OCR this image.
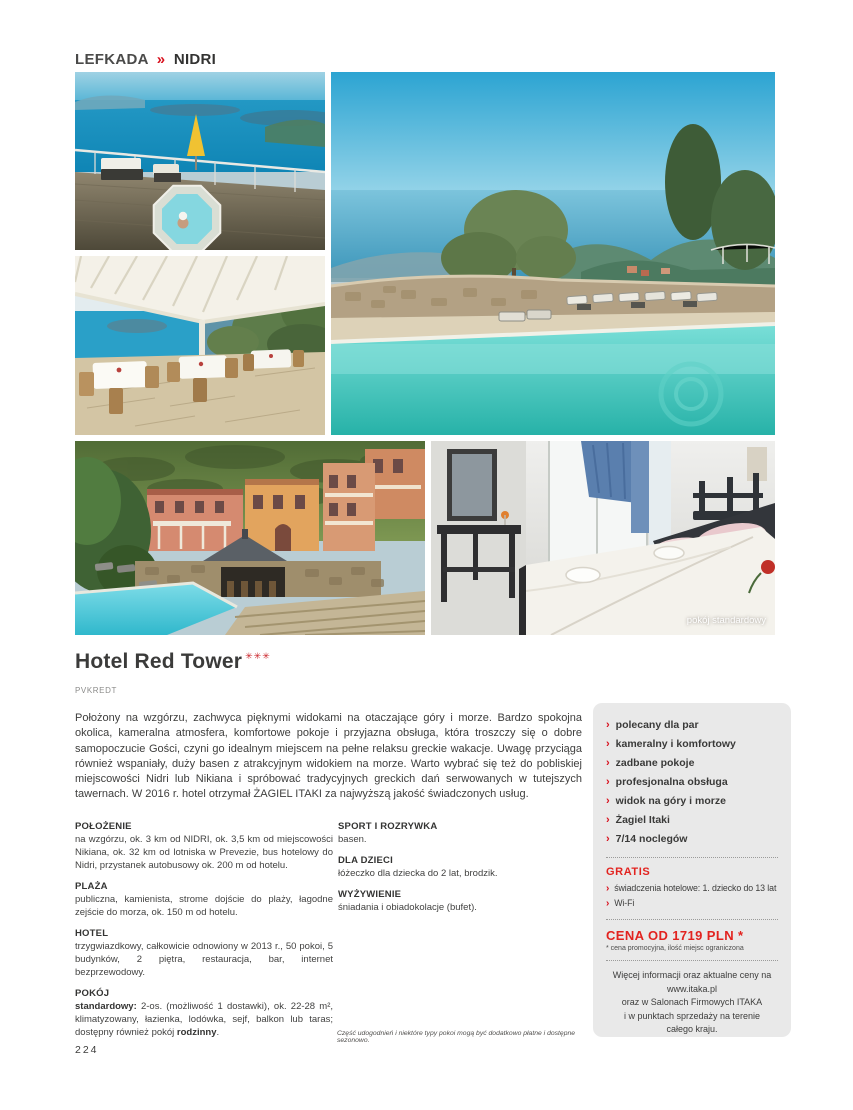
LEFKADA » NIDRI
pokój standardowy
Hotel Red Tower ✳✳✳
PVKREDT
Położony na wzgórzu, zachwyca pięknymi widokami na otaczające góry i morze. Bardzo spokojna okolica, kameralna atmosfera, komfortowe pokoje i przyjazna obsługa, która troszczy się o dobre samopoczucie Gości, czyni go idealnym miejscem na pełne relaksu greckie wakacje. Uwagę przyciąga również wspaniały, duży basen z atrakcyjnym widokiem na morze. Warto wybrać się też do pobliskiej miejscowości Nidri lub Nikiana i spróbować tradycyjnych greckich dań serwowanych w tutejszych tawernach. W 2016 r. hotel otrzymał ŻAGIEL ITAKI za najwyższą jakość świadczonych usług.
POŁOŻENIE
na wzgórzu, ok. 3 km od NIDRI, ok. 3,5 km od miejscowości Nikiana, ok. 32 km od lotniska w Prevezie, bus hotelowy do Nidri, przystanek autobusowy ok. 200 m od hotelu.
PLAŻA
publiczna, kamienista, strome dojście do plaży, łagodne zejście do morza, ok. 150 m od hotelu.
HOTEL
trzygwiazdkowy, całkowicie odnowiony w 2013 r., 50 pokoi, 5 budynków, 2 piętra, restauracja, bar, internet bezprzewodowy.
POKÓJ
standardowy: 2-os. (możliwość 1 dostawki), ok. 22-28 m², klimatyzowany, łazienka, lodówka, sejf, balkon lub taras; dostępny również pokój rodzinny.
SPORT I ROZRYWKA
basen.
DLA DZIECI
łóżeczko dla dziecka do 2 lat, brodzik.
WYŻYWIENIE
śniadania i obiadokolacje (bufet).
› polecany dla par
› kameralny i komfortowy
› zadbane pokoje
› profesjonalna obsługa
› widok na góry i morze
› Żagiel Itaki
› 7/14 noclegów
GRATIS
› świadczenia hotelowe: 1. dziecko do 13 lat
› Wi-Fi
CENA OD 1719 PLN *
* cena promocyjna, ilość miejsc ograniczona
Więcej informacji oraz aktualne ceny na
www.itaka.pl
oraz w Salonach Firmowych ITAKA
i w punktach sprzedaży na terenie
całego kraju.
Część udogodnień i niektóre typy pokoi mogą być dodatkowo płatne i dostępne sezonowo.
224
